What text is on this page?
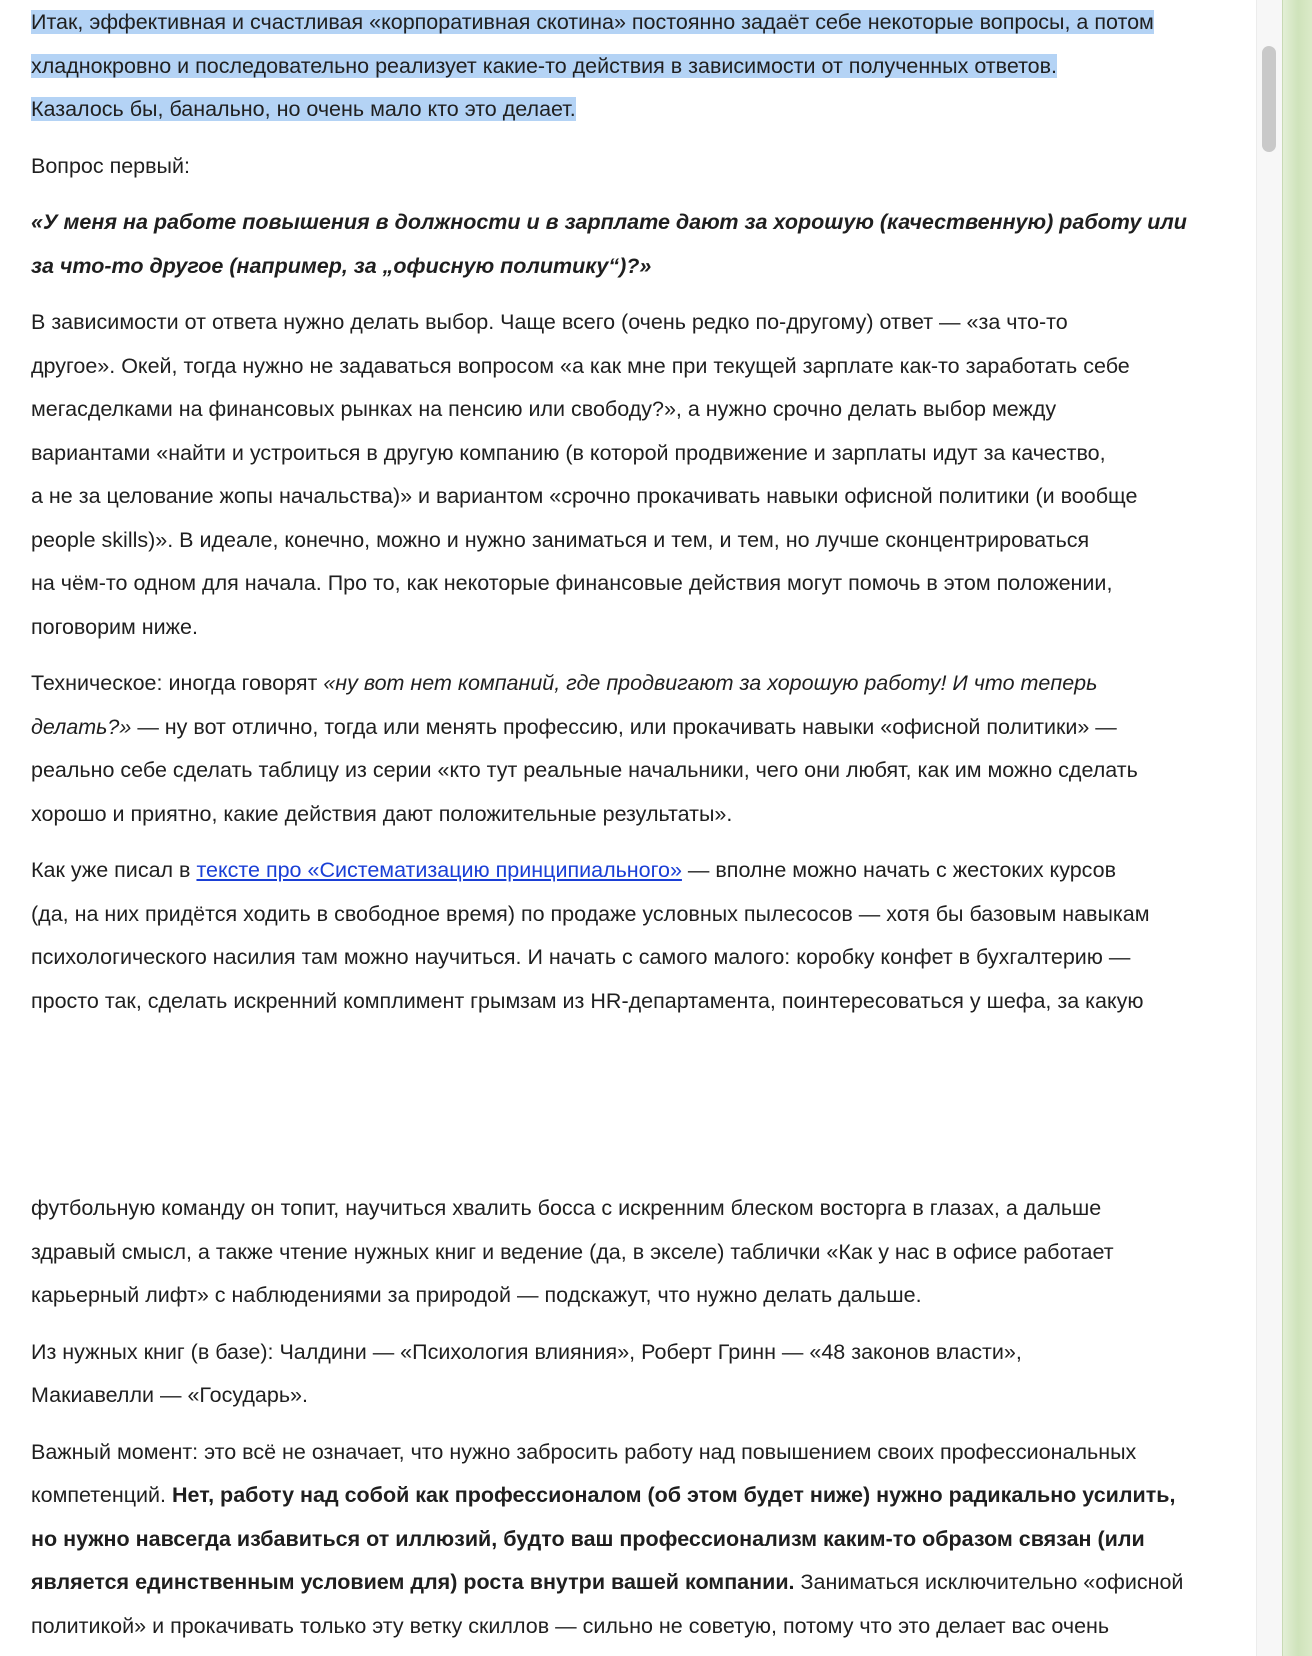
Итак, эффективная и счастливая «корпоративная скотина» постоянно задаёт себе некоторые вопросы, а потом
хладнокровно и последовательно реализует какие-то действия в зависимости от полученных ответов.
Казалось бы, банально, но очень мало кто это делает.

Вопрос первый:

«У меня на работе повышения в должности и в зарплате дают за хорошую (качественную) работу или
за что-то другое (например, за „офисную политику“)?»

В зависимости от ответа нужно делать выбор. Чаще всего (очень редко по-другому) ответ — «за что-то
другое». Окей, тогда нужно не задаваться вопросом «а как мне при текущей зарплате как-то заработать себе
мегасделками на финансовых рынках на пенсию или свободу?», а нужно срочно делать выбор между
вариантами «найти и устроиться в другую компанию (в которой продвижение и зарплаты идут за качество,
а не за целование жопы начальства)» и вариантом «срочно прокачивать навыки офисной политики (и вообще
people skills)». В идеале, конечно, можно и нужно заниматься и тем, и тем, но лучше сконцентрироваться
на чём-то одном для начала. Про то, как некоторые финансовые действия могут помочь в этом положении,
поговорим ниже.

Техническое: иногда говорят «ну вот нет компаний, где продвигают за хорошую работу! И что теперь
делать?» — ну вот отлично, тогда или менять профессию, или прокачивать навыки «офисной политики» —
реально себе сделать таблицу из серии «кто тут реальные начальники, чего они любят, как им можно сделать
хорошо и приятно, какие действия дают положительные результаты».

Как уже писал в тексте про «Систематизацию принципиального» — вполне можно начать с жестоких курсов
(да, на них придётся ходить в свободное время) по продаже условных пылесосов — хотя бы базовым навыкам
психологического насилия там можно научиться. И начать с самого малого: коробку конфет в бухгалтерию —
просто так, сделать искренний комплимент грымзам из HR-департамента, поинтересоваться у шефа, за какую

футбольную команду он топит, научиться хвалить босса с искренним блеском восторга в глазах, а дальше
здравый смысл, а также чтение нужных книг и ведение (да, в экселе) таблички «Как у нас в офисе работает
карьерный лифт» с наблюдениями за природой — подскажут, что нужно делать дальше.

Из нужных книг (в базе): Чалдини — «Психология влияния», Роберт Гринн — «48 законов власти»,
Макиавелли — «Государь».

Важный момент: это всё не означает, что нужно забросить работу над повышением своих профессиональных
компетенций. Нет, работу над собой как профессионалом (об этом будет ниже) нужно радикально усилить,
но нужно навсегда избавиться от иллюзий, будто ваш профессионализм каким-то образом связан (или
является единственным условием для) роста внутри вашей компании. Заниматься исключительно «офисной
политикой» и прокачивать только эту ветку скиллов — сильно не советую, потому что это делает вас очень
